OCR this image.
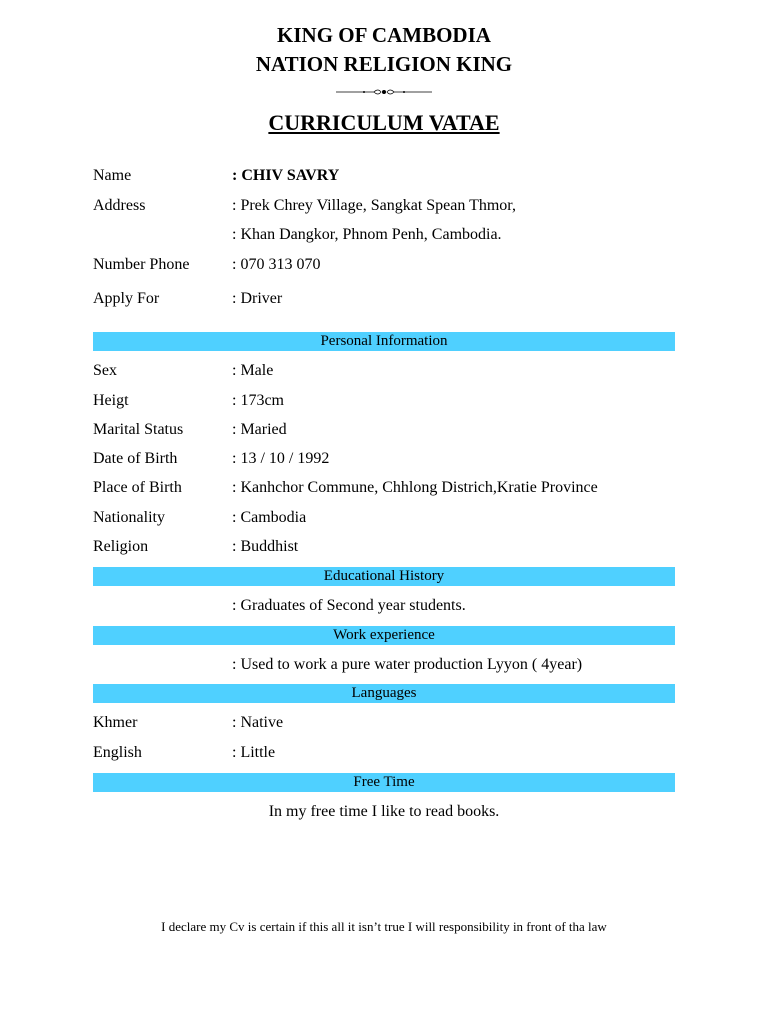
KING OF CAMBODIA
NATION RELIGION KING
CURRICULUM VATAE
Name	: CHIV SAVRY
Address	: Prek Chrey Village, Sangkat Spean Thmor,
: Khan Dangkor, Phnom Penh, Cambodia.
Number Phone	: 070 313 070
Apply For	: Driver
Personal Information
Sex	: Male
Heigt	: 173cm
Marital Status	: Maried
Date of Birth	: 13 / 10 / 1992
Place of Birth	: Kanhchor Commune, Chhlong Districh,Kratie Province
Nationality	: Cambodia
Religion	: Buddhist
Educational History
: Graduates of Second year students.
Work experience
: Used to work a pure water production Lyyon ( 4year)
Languages
Khmer	: Native
English	: Little
Free Time
In my free time I like to read books.
I declare my Cv is certain if this all it isn’t true I will responsibility in front of tha law
